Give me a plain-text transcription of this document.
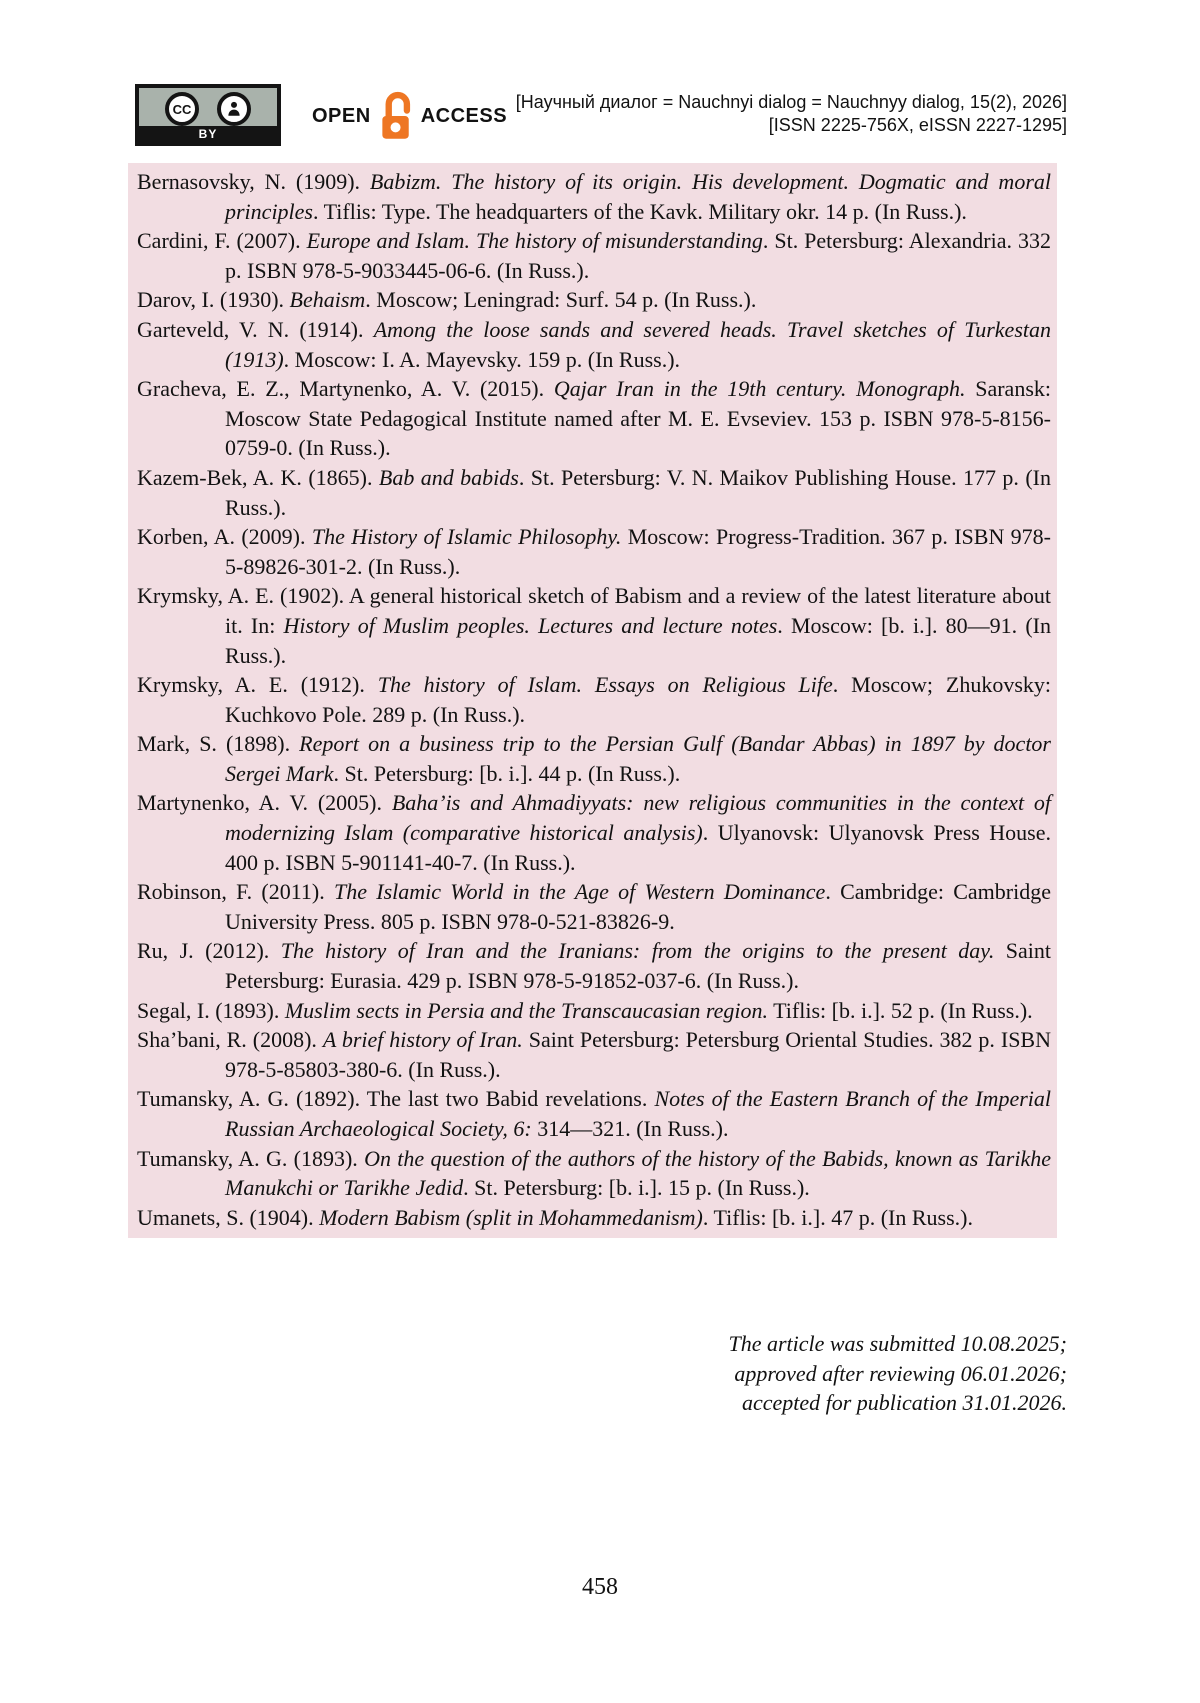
CC
BY
OPEN	ACCESS
[Научный диалог = Nauchnyi dialog = Nauchnyy dialog, 15(2), 2026]
[ISSN 2225-756X, eISSN 2227-1295]

Bernasovsky, N. (1909). Babizm. The history of its origin. His development. Dogmatic and moral principles. Tiflis: Type. The headquarters of the Kavk. Military okr. 14 p. (In Russ.).

Cardini, F. (2007). Europe and Islam. The history of misunderstanding. St. Petersburg: Alexandria. 332 p. ISBN 978-5-9033445-06-6. (In Russ.).

Darov, I. (1930). Behaism. Moscow; Leningrad: Surf. 54 p. (In Russ.).

Garteveld, V. N. (1914). Among the loose sands and severed heads. Travel sketches of Turkestan (1913). Moscow: I. A. Mayevsky. 159 p. (In Russ.).

Gracheva, E. Z., Martynenko, A. V. (2015). Qajar Iran in the 19th century. Monograph. Saransk: Moscow State Pedagogical Institute named after M. E. Evseviev. 153 p. ISBN 978-5-8156-0759-0. (In Russ.).

Kazem-Bek, A. K. (1865). Bab and babids. St. Petersburg: V. N. Maikov Publishing House. 177 p. (In Russ.).

Korben, A. (2009). The History of Islamic Philosophy. Moscow: Progress-Tradition. 367 p. ISBN 978-5-89826-301-2. (In Russ.).

Krymsky, A. E. (1902). A general historical sketch of Babism and a review of the latest literature about it. In: History of Muslim peoples. Lectures and lecture notes. Moscow: [b. i.]. 80—91. (In Russ.).

Krymsky, A. E. (1912). The history of Islam. Essays on Religious Life. Moscow; Zhukovsky: Kuchkovo Pole. 289 p. (In Russ.).

Mark, S. (1898). Report on a business trip to the Persian Gulf (Bandar Abbas) in 1897 by doctor Sergei Mark. St. Petersburg: [b. i.]. 44 p. (In Russ.).

Martynenko, A. V. (2005). Baha’is and Ahmadiyyats: new religious communities in the context of modernizing Islam (comparative historical analysis). Ulyanovsk: Ulyanovsk Press House. 400 p. ISBN 5-901141-40-7. (In Russ.).

Robinson, F. (2011). The Islamic World in the Age of Western Dominance. Cambridge: Cambridge University Press. 805 p. ISBN 978-0-521-83826-9.

Ru, J. (2012). The history of Iran and the Iranians: from the origins to the present day. Saint Petersburg: Eurasia. 429 p. ISBN 978-5-91852-037-6. (In Russ.).

Segal, I. (1893). Muslim sects in Persia and the Transcaucasian region. Tiflis: [b. i.]. 52 p. (In Russ.).

Sha’bani, R. (2008). A brief history of Iran. Saint Petersburg: Petersburg Oriental Studies. 382 p. ISBN 978-5-85803-380-6. (In Russ.).

Tumansky, A. G. (1892). The last two Babid revelations. Notes of the Eastern Branch of the Imperial Russian Archaeological Society, 6: 314—321. (In Russ.).

Tumansky, A. G. (1893). On the question of the authors of the history of the Babids, known as Tarikhe Manukchi or Tarikhe Jedid. St. Petersburg: [b. i.]. 15 p. (In Russ.).

Umanets, S. (1904). Modern Babism (split in Mohammedanism). Tiflis: [b. i.]. 47 p. (In Russ.).

The article was submitted 10.08.2025;
approved after reviewing 06.01.2026;
accepted for publication 31.01.2026.
458
